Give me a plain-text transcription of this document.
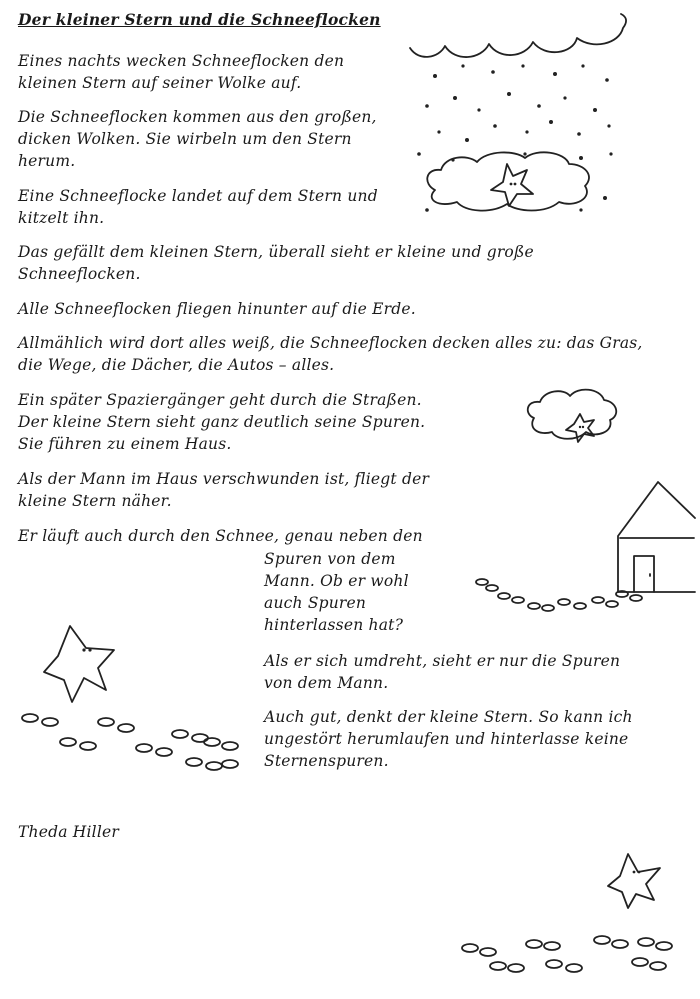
Der kleiner Stern und die Schneeflocken

Eines nachts wecken Schneeflocken den
kleinen Stern auf seiner Wolke auf.

Die Schneeflocken kommen aus den großen,
dicken Wolken. Sie wirbeln um den Stern
herum.

Eine Schneeflocke landet auf dem Stern und
kitzelt ihn.

Das gefällt dem kleinen Stern, überall sieht er kleine und große
Schneeflocken.

Alle Schneeflocken fliegen hinunter auf die Erde.

Allmählich wird dort alles weiß, die Schneeflocken decken alles zu: das Gras,
die Wege, die Dächer, die Autos – alles.

Ein später Spaziergänger geht durch die Straßen.
Der kleine Stern sieht ganz deutlich seine Spuren.
Sie führen zu einem Haus.

Als der Mann im Haus verschwunden ist, fliegt der
kleine Stern näher.

Er läuft auch durch den Schnee, genau neben den

Spuren von dem
Mann. Ob er wohl
auch Spuren
hinterlassen hat?

Als er sich umdreht, sieht er nur die Spuren
von dem Mann.

Auch gut, denkt der kleine Stern. So kann ich
ungestört herumlaufen und hinterlasse keine
Sternenspuren.

Theda Hiller
